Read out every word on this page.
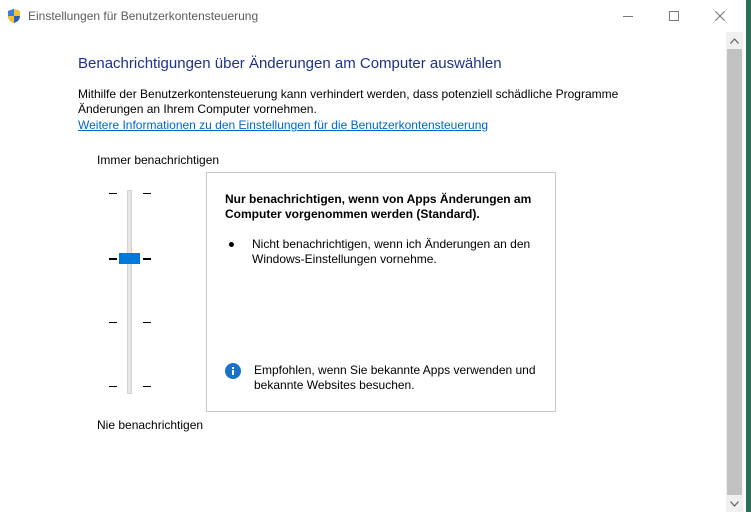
Einstellungen für Benutzerkontensteuerung
Benachrichtigungen über Änderungen am Computer auswählen
Mithilfe der Benutzerkontensteuerung kann verhindert werden, dass potenziell schädliche Programme Änderungen an Ihrem Computer vornehmen.
Weitere Informationen zu den Einstellungen für die Benutzerkontensteuerung
Immer benachrichtigen
Nie benachrichtigen
Nur benachrichtigen, wenn von Apps Änderungen am Computer vorgenommen werden (Standard).
Nicht benachrichtigen, wenn ich Änderungen an den Windows-Einstellungen vornehme.
Empfohlen, wenn Sie bekannte Apps verwenden und bekannte Websites besuchen.
